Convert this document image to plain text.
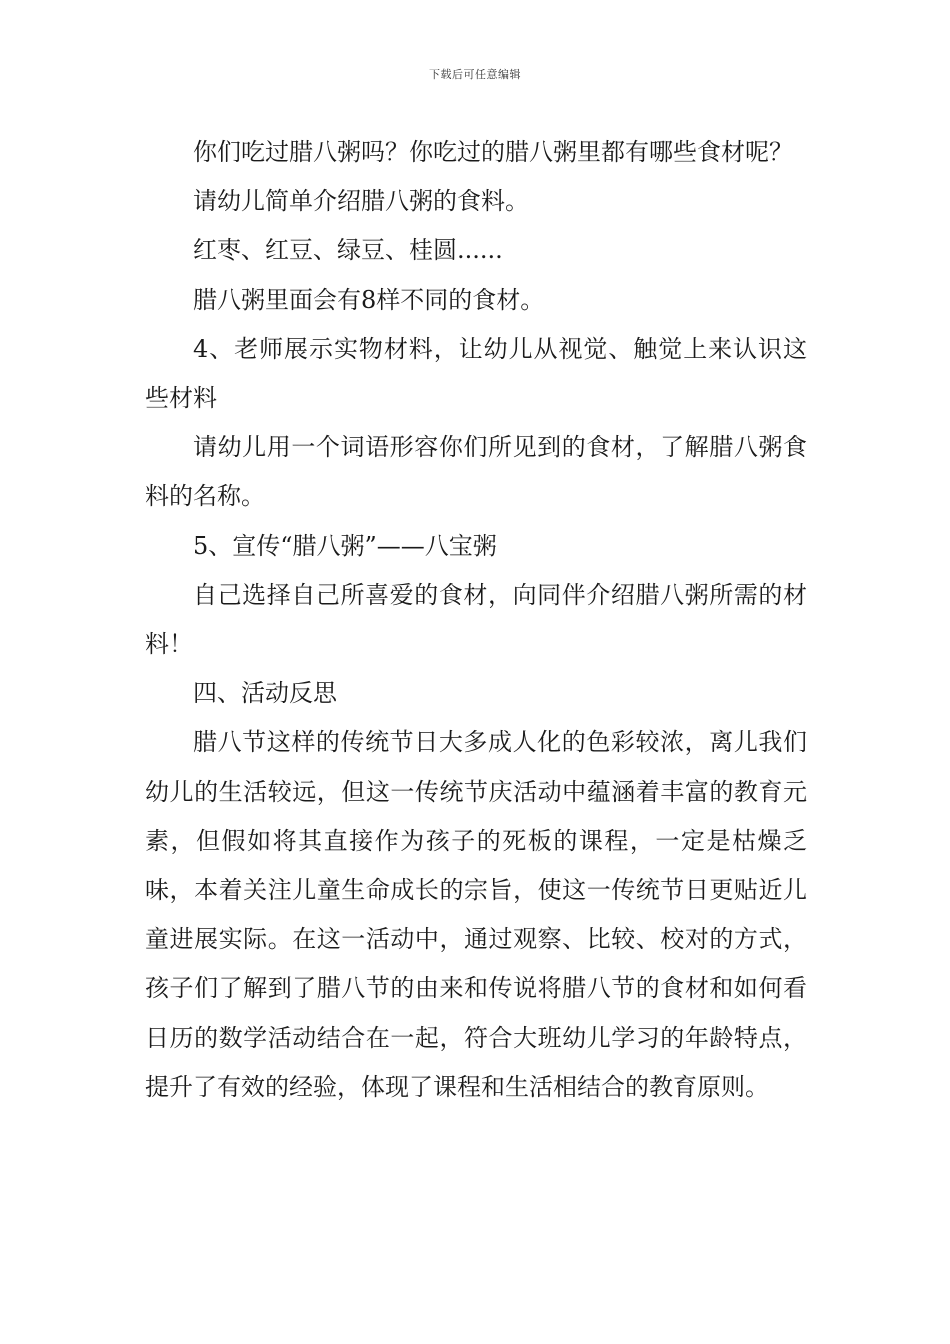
下载后可任意编辑

你们吃过腊八粥吗？你吃过的腊八粥里都有哪些食材呢？

请幼儿简单介绍腊八粥的食料。

红枣、红豆、绿豆、桂圆......

腊八粥里面会有8样不同的食材。

4、老师展示实物材料，让幼儿从视觉、触觉上来认识这些材料

请幼儿用一个词语形容你们所见到的食材，了解腊八粥食料的名称。

5、宣传“腊八粥”——八宝粥

自己选择自己所喜爱的食材，向同伴介绍腊八粥所需的材料！

四、活动反思

腊八节这样的传统节日大多成人化的色彩较浓，离儿我们幼儿的生活较远，但这一传统节庆活动中蕴涵着丰富的教育元素，但假如将其直接作为孩子的死板的课程，一定是枯燥乏味，本着关注儿童生命成长的宗旨，使这一传统节日更贴近儿童进展实际。在这一活动中，通过观察、比较、校对的方式，孩子们了解到了腊八节的由来和传说将腊八节的食材和如何看日历的数学活动结合在一起，符合大班幼儿学习的年龄特点，提升了有效的经验，体现了课程和生活相结合的教育原则。
